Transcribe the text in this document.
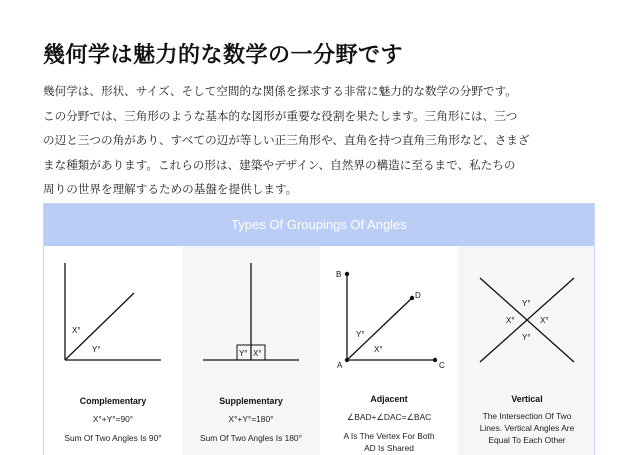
幾何学は魅力的な数学の一分野です
幾何学は、形状、サイズ、そして空間的な関係を探求する非常に魅力的な数学の分野です。
この分野では、三角形のような基本的な図形が重要な役割を果たします。三角形には、三つ
の辺と三つの角があり、すべての辺が等しい正三角形や、直角を持つ直角三角形など、さまざ
まな種類があります。これらの形は、建築やデザイン、自然界の構造に至るまで、私たちの
周りの世界を理解するための基盤を提供します。
Types Of Groupings Of Angles
X°
Y°
Complementary
X°+Y°=90°
Sum Of Two Angles Is 90°
Y° X°
Supplementary
X°+Y°=180°
Sum Of Two Angles Is 180°
B
A	C
D
Y°
X°
Adjacent
∠BAD+∠DAC=∠BAC
A Is The Vertex For Both
AD Is Shared
Y°
X°	X°
Y°
Vertical
The Intersection Of Two
Lines. Vertical Angles Are
Equal To Each Other
